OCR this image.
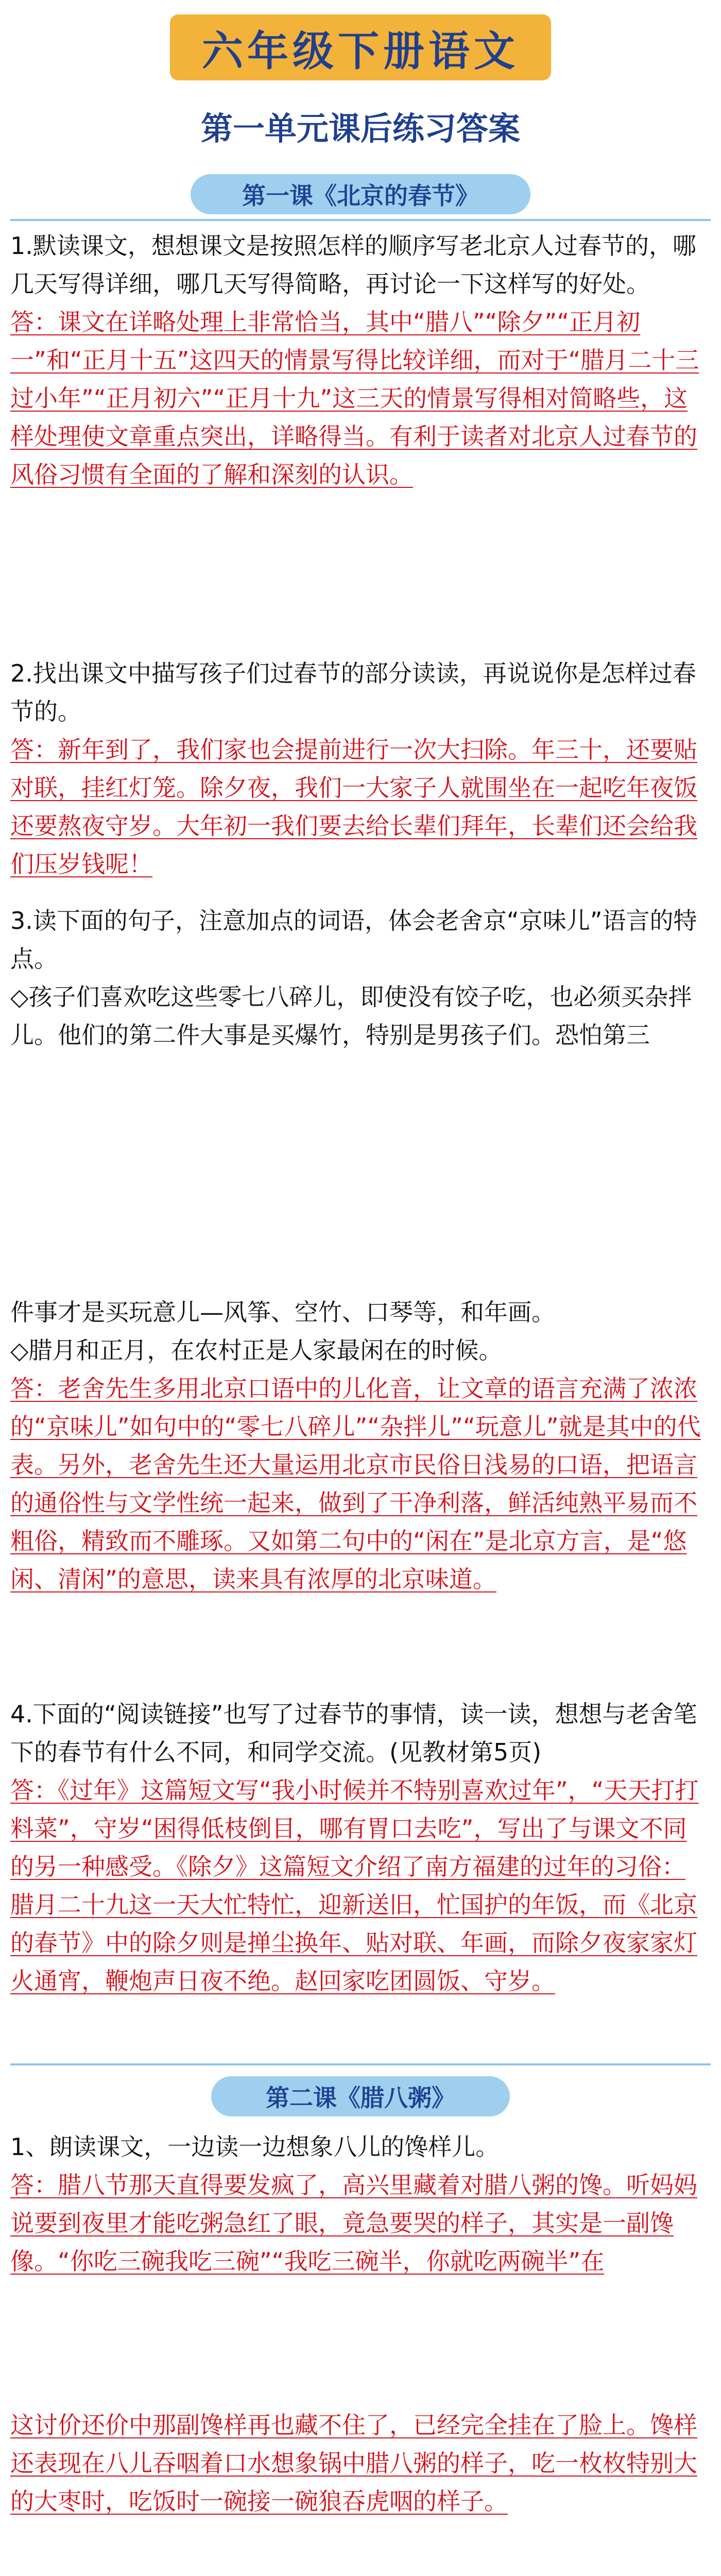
六年级下册语文
第一单元课后练习答案
第一课《北京的春节》

1.默读课文，想想课文是按照怎样的顺序写老北京人过春节的，哪几天写得详细，哪几天写得简略，再讨论一下这样写的好处。

答：课文在详略处理上非常恰当，其中“腊八”“除夕”“正月初一”和“正月十五”这四天的情景写得比较详细，而对于“腊月二十三过小年”“正月初六”“正月十九”这三天的情景写得相对简略些，这样处理使文章重点突出，详略得当。有利于读者对北京人过春节的风俗习惯有全面的了解和深刻的认识。

2.找出课文中描写孩子们过春节的部分读读，再说说你是怎样过春节的。

答：新年到了，我们家也会提前进行一次大扫除。年三十，还要贴对联，挂红灯笼。除夕夜，我们一大家子人就围坐在一起吃年夜饭还要熬夜守岁。大年初一我们要去给长辈们拜年，长辈们还会给我们压岁钱呢！

3.读下面的句子，注意加点的词语，体会老舍京“京味儿”语言的特点。

◇孩子们喜欢吃这些零七八碎儿，即使没有饺子吃，也必须买杂拌儿。他们的第二件大事是买爆竹，特别是男孩子们。恐怕第三

件事才是买玩意儿—风筝、空竹、口琴等，和年画。

◇腊月和正月，在农村正是人家最闲在的时候。

答：老舍先生多用北京口语中的儿化音，让文章的语言充满了浓浓的“京味儿”如句中的“零七八碎儿”“杂拌儿”“玩意儿”就是其中的代表。另外，老舍先生还大量运用北京市民俗日浅易的口语，把语言的通俗性与文学性统一起来，做到了干净利落，鲜活纯熟平易而不粗俗，精致而不雕琢。又如第二句中的“闲在”是北京方言，是“悠闲、清闲”的意思，读来具有浓厚的北京味道。

4.下面的“阅读链接”也写了过春节的事情，读一读，想想与老舍笔下的春节有什么不同，和同学交流。(见教材第5页)

答：《过年》这篇短文写“我小时候并不特别喜欢过年”，“天天打打料菜”，守岁“困得低枝倒目，哪有胃口去吃”，写出了与课文不同的另一种感受。《除夕》这篇短文介绍了南方福建的过年的习俗：腊月二十九这一天大忙特忙，迎新送旧，忙国护的年饭，而《北京的春节》中的除夕则是掸尘换年、贴对联、年画，而除夕夜家家灯火通宵，鞭炮声日夜不绝。赵回家吃团圆饭、守岁。

第二课《腊八粥》

1、朗读课文，一边读一边想象八儿的馋样儿。

答：腊八节那天直得要发疯了，高兴里藏着对腊八粥的馋。听妈妈说要到夜里才能吃粥急红了眼，竟急要哭的样子，其实是一副馋像。“你吃三碗我吃三碗”“我吃三碗半，你就吃两碗半”在

这讨价还价中那副馋样再也藏不住了，已经完全挂在了脸上。馋样还表现在八儿吞咽着口水想象锅中腊八粥的样子，吃一枚枚特别大的大枣时，吃饭时一碗接一碗狼吞虎咽的样子。
